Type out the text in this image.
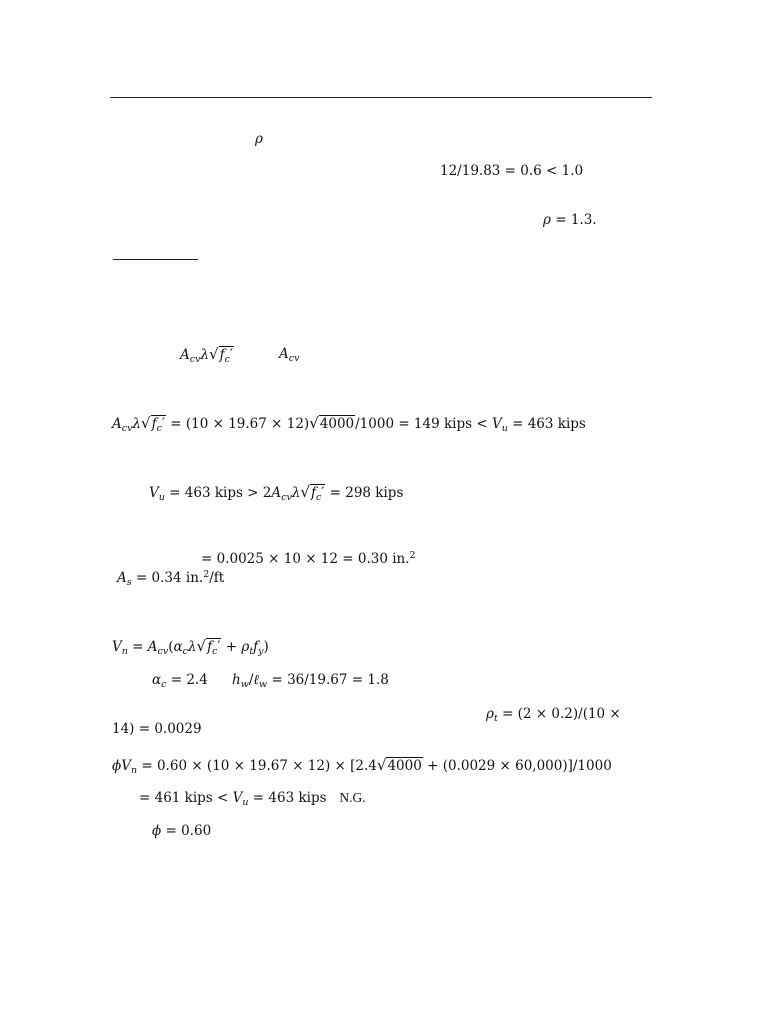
ρ
12/19.83 = 0.6 < 1.0
ρ = 1.3.
$A_{cv}\lambda√f_c'$	$A_{cv}$
$A_{cv}\lambda√f_c' = (10 \times 19.67 \times 12)√4000/1000 = 149$ kips < $V_u = 463$ kips
$V_u = 463$ kips > $2A_{cv}\lambda√f_c' = 298$ kips
= 0.0025 × 10 × 12 = 0.30 in.$^2$
$A_s = 0.34$ in.$^2$/ft
$V_n = A_{cv}(\alpha_c\lambda√f_c' + \rho_tf_y)$
$\alpha_c = 2.4$ $h_w/\ell_w = 36/19.67 = 1.8$
$\rho_t = (2 \times 0.2)/(10$ ×
14) = 0.0029
$\phi V_n = 0.60 \times (10 \times 19.67 \times 12) \times [2.4√4000 + (0.0029 \times 60,000)]/1000$
= 461 kips < $V_u = 463$ kips   N.G.
ϕ = 0.60
